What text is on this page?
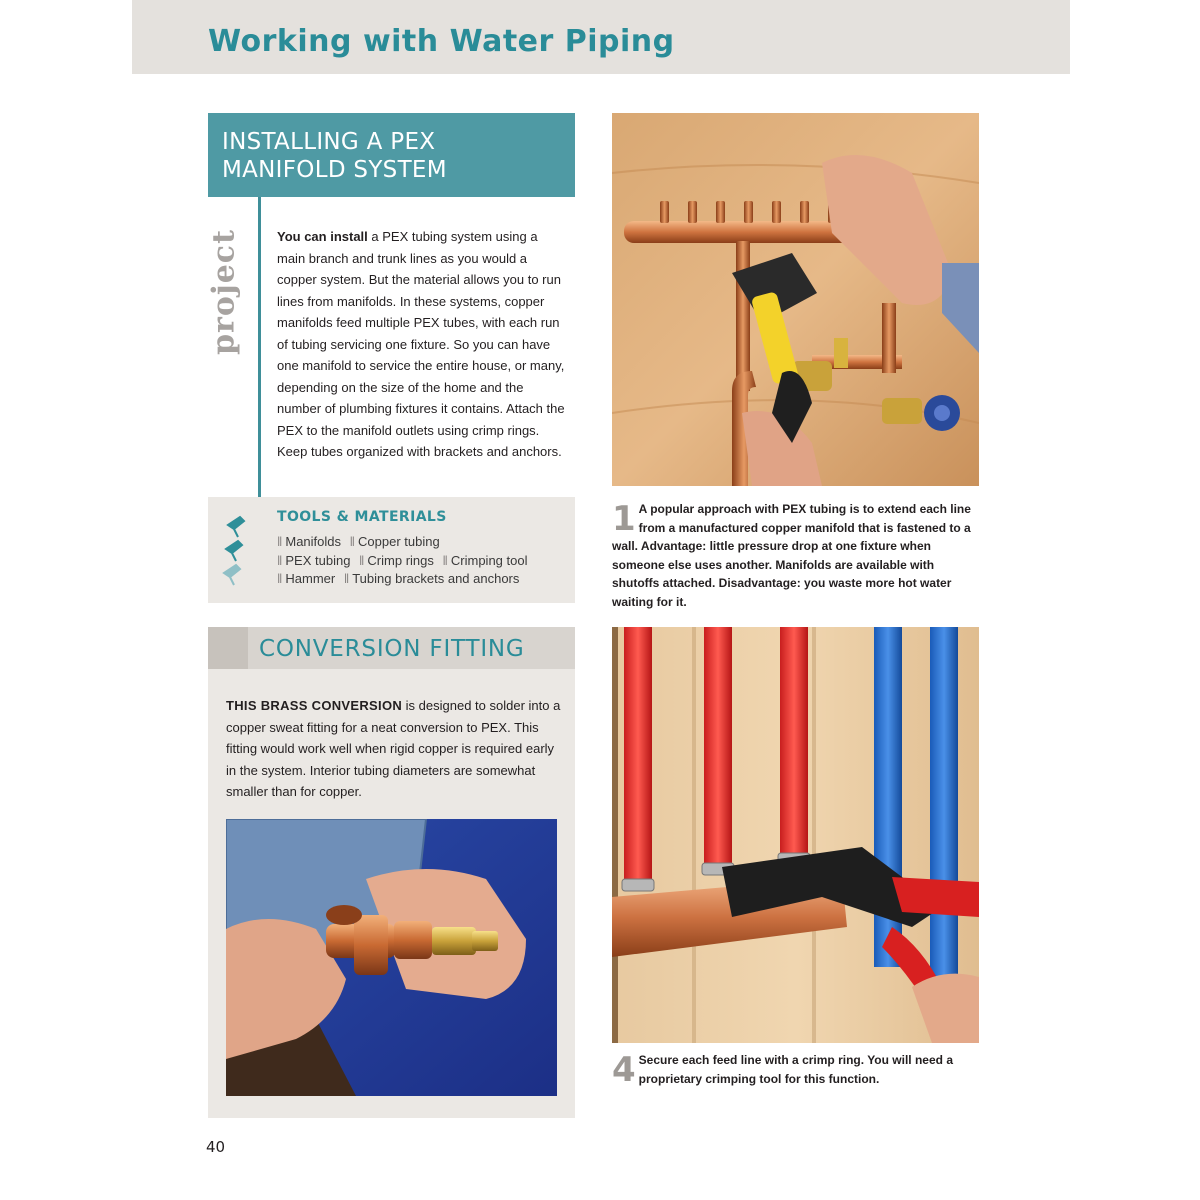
Working with Water Piping
INSTALLING A PEX
MANIFOLD SYSTEM
project	You can install a PEX tubing system using a main branch and trunk lines as you would a copper system. But the material allows you to run lines from manifolds. In these systems, copper manifolds feed multiple PEX tubes, with each run of tubing servicing one fixture. So you can have one manifold to service the entire house, or many, depending on the size of the home and the number of plumbing fixtures it contains. Attach the PEX to the manifold outlets using crimp rings. Keep tubes organized with brackets and anchors.
TOOLS & MATERIALS
‖ Manifolds ‖ Copper tubing
‖ PEX tubing ‖ Crimp rings ‖ Crimping tool
‖ Hammer ‖ Tubing brackets and anchors
CONVERSION FITTING
THIS BRASS CONVERSION is designed to solder into a copper sweat fitting for a neat conversion to PEX. This fitting would work well when rigid copper is required early in the system. Interior tubing diameters are somewhat smaller than for copper.
1 A popular approach with PEX tubing is to extend each line from a manufactured copper manifold that is fastened to a wall. Advantage: little pressure drop at one fixture when someone else uses another. Manifolds are available with shutoffs attached. Disadvantage: you waste more hot water waiting for it.
4 Secure each feed line with a crimp ring. You will need a proprietary crimping tool for this function.
40
